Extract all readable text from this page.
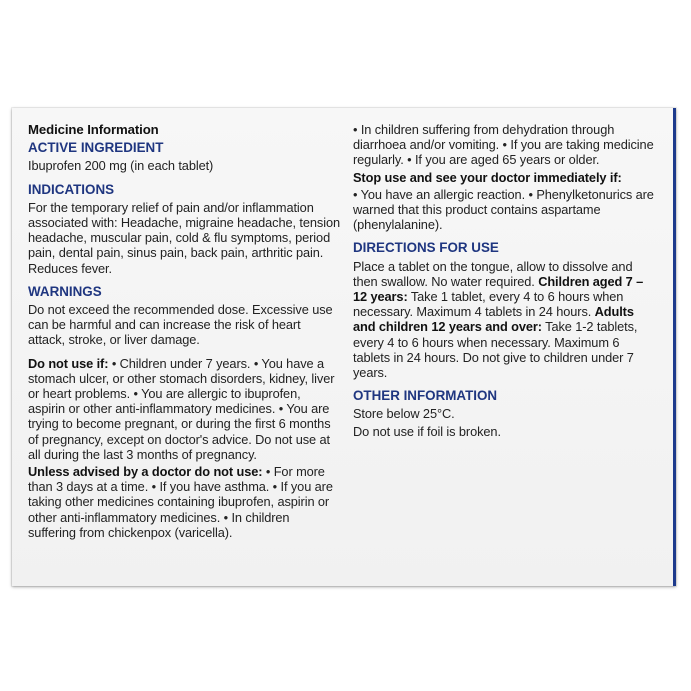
Medicine Information
ACTIVE INGREDIENT

Ibuprofen 200 mg (in each tablet)

INDICATIONS

For the temporary relief of pain and/or inflammation associated with: Headache, migraine headache, tension headache, muscular pain, cold & flu symptoms, period pain, dental pain, sinus pain, back pain, arthritic pain. Reduces fever.

WARNINGS

Do not exceed the recommended dose. Excessive use can be harmful and can increase the risk of heart attack, stroke, or liver damage.

Do not use if: • Children under 7 years. • You have a stomach ulcer, or other stomach disorders, kidney, liver or heart problems. • You are allergic to ibuprofen, aspirin or other anti-inflammatory medicines. • You are trying to become pregnant, or during the first 6 months of pregnancy, except on doctor's advice. Do not use at all during the last 3 months of pregnancy.

Unless advised by a doctor do not use: • For more than 3 days at a time. • If you have asthma. • If you are taking other medicines containing ibuprofen, aspirin or other anti-inflammatory medicines. • In children suffering from chickenpox (varicella).

• In children suffering from dehydration through diarrhoea and/or vomiting. • If you are taking medicine regularly. • If you are aged 65 years or older.

Stop use and see your doctor immediately if:

• You have an allergic reaction. • Phenylketonurics are warned that this product contains aspartame (phenylalanine).

DIRECTIONS FOR USE

Place a tablet on the tongue, allow to dissolve and then swallow. No water required. Children aged 7 – 12 years: Take 1 tablet, every 4 to 6 hours when necessary. Maximum 4 tablets in 24 hours. Adults and children 12 years and over: Take 1-2 tablets, every 4 to 6 hours when necessary. Maximum 6 tablets in 24 hours. Do not give to children under 7 years.

OTHER INFORMATION

Store below 25°C.

Do not use if foil is broken.
